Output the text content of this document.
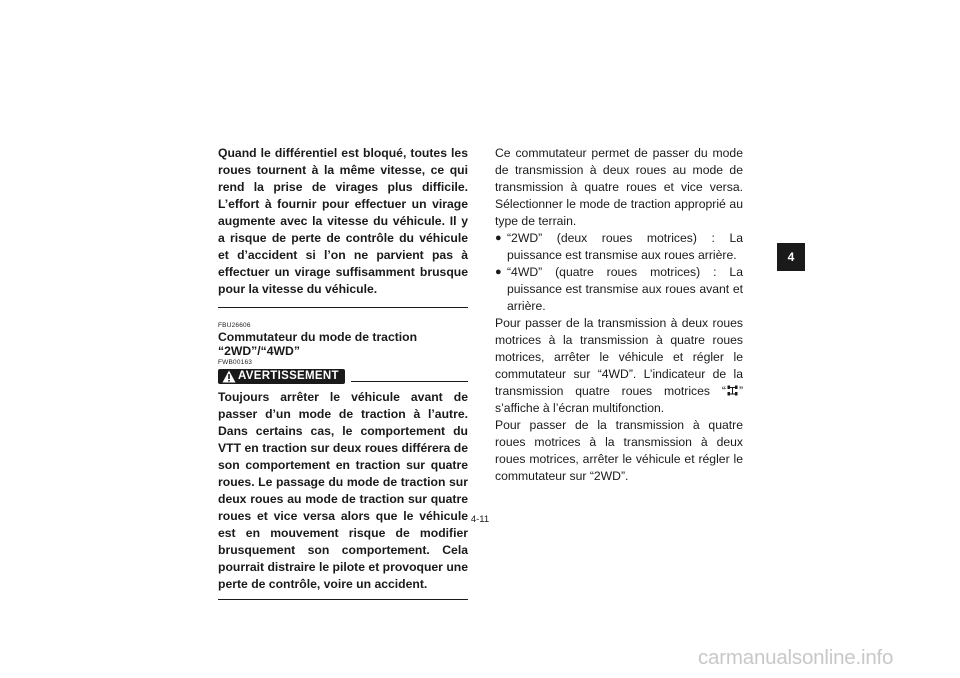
Quand le différentiel est bloqué, toutes les roues tournent à la même vitesse, ce qui rend la prise de virages plus difficile. L’effort à fournir pour effectuer un virage augmente avec la vitesse du véhicule. Il y a risque de perte de contrôle du véhicule et d’accident si l’on ne parvient pas à effectuer un virage suffisamment brusque pour la vitesse du véhicule.
FBU26606
Commutateur du mode de traction
“2WD”/“4WD”
FWB00163
AVERTISSEMENT
Toujours arrêter le véhicule avant de passer d’un mode de traction à l’autre. Dans certains cas, le comportement du VTT en traction sur deux roues différera de son comportement en traction sur quatre roues. Le passage du mode de traction sur deux roues au mode de traction sur quatre roues et vice versa alors que le véhicule est en mouvement risque de modifier brusquement son comportement. Cela pourrait distraire le pilote et provoquer une perte de contrôle, voire un accident.
Ce commutateur permet de passer du mode de transmission à deux roues au mode de transmission à quatre roues et vice versa. Sélectionner le mode de traction approprié au type de terrain.
● “2WD” (deux roues motrices) : La puissance est transmise aux roues arrière.
● “4WD” (quatre roues motrices) : La puissance est transmise aux roues avant et arrière.
Pour passer de la transmission à deux roues motrices à la transmission à quatre roues motrices, arrêter le véhicule et régler le commutateur sur “4WD”. L’indicateur de la transmission quatre roues motrices “ ” s’affiche à l’écran multifonction.
Pour passer de la transmission à quatre roues motrices à la transmission à deux roues motrices, arrêter le véhicule et régler le commutateur sur “2WD”.
4
4-11
carmanualsonline.info
